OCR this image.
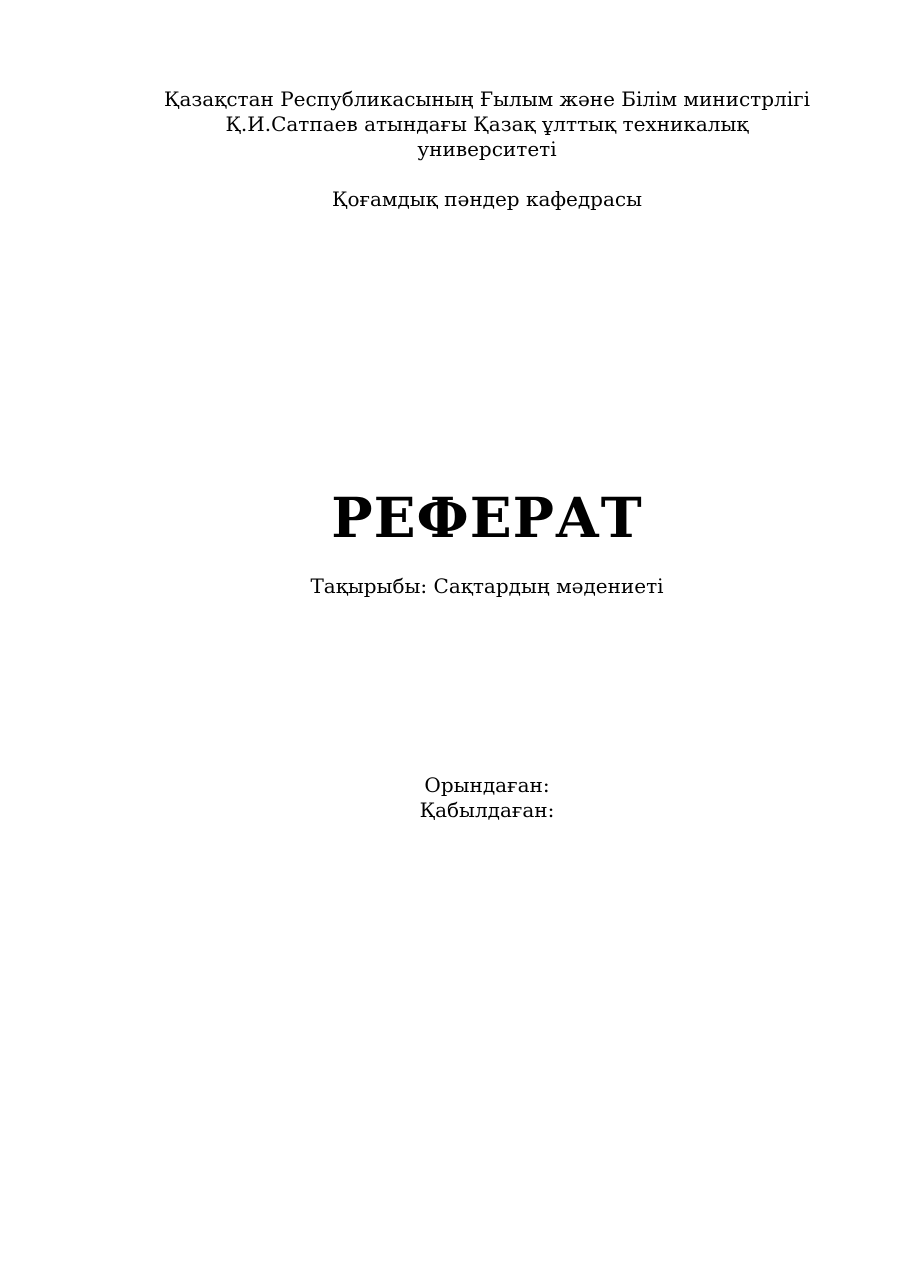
Қазақстан Республикасының Ғылым және Білім министрлігі
Қ.И.Сатпаев атындағы Қазақ ұлттық техникалық
университеті
Қоғамдық пәндер кафедрасы
РЕФЕРАТ
Тақырыбы: Сақтардың мәдениеті
Орындаған:
Қабылдаған:
